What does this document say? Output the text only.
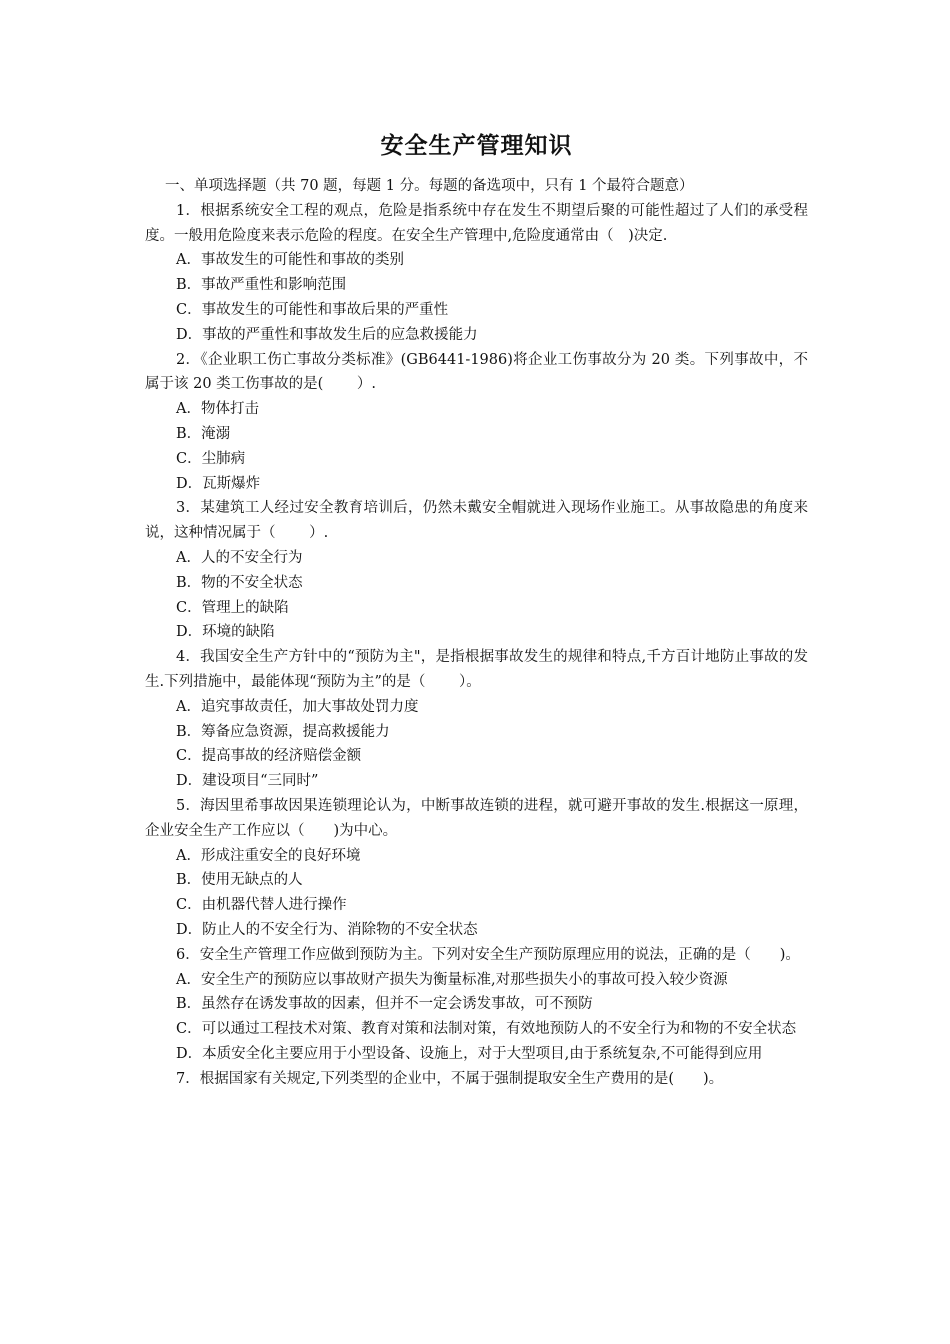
安全生产管理知识

一、单项选择题（共 70 题，每题 1 分。每题的备选项中，只有 1 个最符合题意）

1．根据系统安全工程的观点，危险是指系统中存在发生不期望后聚的可能性超过了人们的承受程度。一般用危险度来表示危险的程度。在安全生产管理中,危险度通常由（　)决定.

A．事故发生的可能性和事故的类别

B．事故严重性和影响范围

C．事故发生的可能性和事故后果的严重性

D．事故的严重性和事故发生后的应急救援能力

2．《企业职工伤亡事故分类标准》(GB6441-1986)将企业工伤事故分为 20 类。下列事故中，不属于该 20 类工伤事故的是(　　 ）.

A．物体打击

B．淹溺

C．尘肺病

D．瓦斯爆炸

3．某建筑工人经过安全教育培训后，仍然未戴安全帽就进入现场作业施工。从事故隐患的角度来说，这种情况属于（　　 ）.

A．人的不安全行为

B．物的不安全状态

C．管理上的缺陷

D．环境的缺陷

4．我国安全生产方针中的“预防为主"，是指根据事故发生的规律和特点,千方百计地防止事故的发生.下列措施中，最能体现“预防为主”的是（　　 ）。

A．追究事故责任，加大事故处罚力度

B．筹备应急资源，提高救援能力

C．提高事故的经济赔偿金额

D．建设项目“三同时”

5．海因里希事故因果连锁理论认为，中断事故连锁的进程，就可避开事故的发生.根据这一原理，企业安全生产工作应以（　　)为中心。

A．形成注重安全的良好环境

B．使用无缺点的人

C．由机器代替人进行操作

D．防止人的不安全行为、消除物的不安全状态

6．安全生产管理工作应做到预防为主。下列对安全生产预防原理应用的说法，正确的是（　　)。

A．安全生产的预防应以事故财产损失为衡量标准,对那些损失小的事故可投入较少资源

B．虽然存在诱发事故的因素，但并不一定会诱发事故，可不预防

C．可以通过工程技术对策、教育对策和法制对策，有效地预防人的不安全行为和物的不安全状态

D．本质安全化主要应用于小型设备、设施上，对于大型项目,由于系统复杂,不可能得到应用

7．根据国家有关规定,下列类型的企业中，不属于强制提取安全生产费用的是(　　)。
